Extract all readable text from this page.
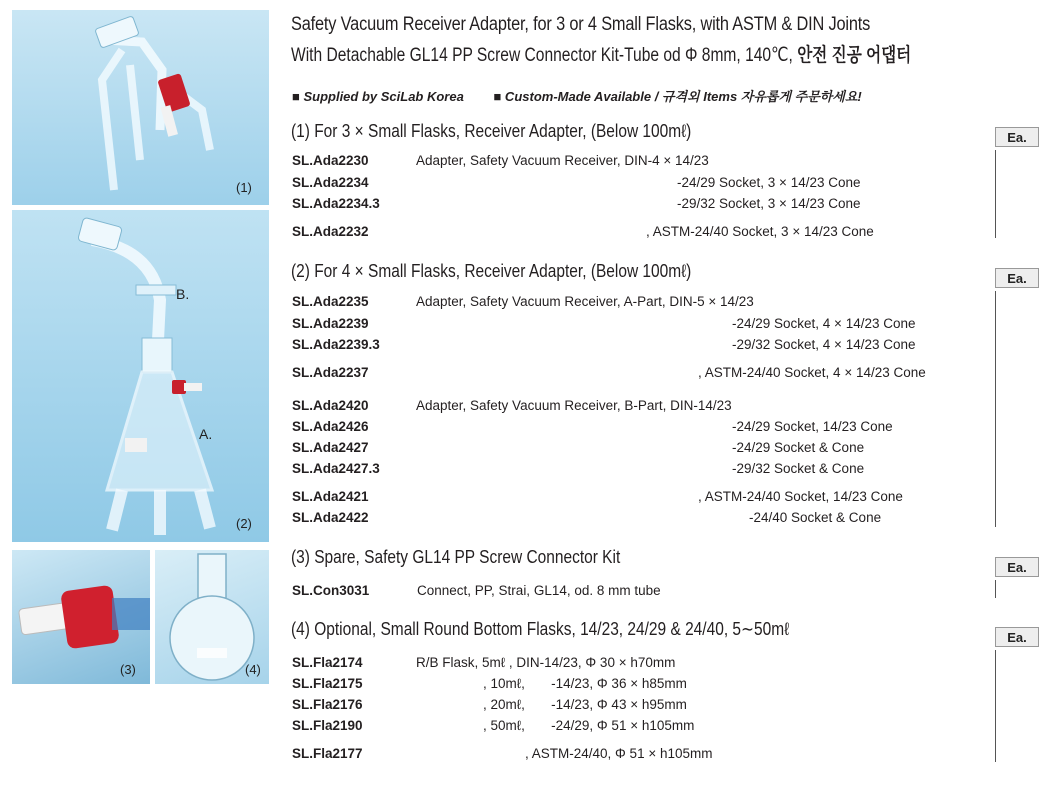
(1)
B.
A.
(2)
(3)	(4)
Safety Vacuum Receiver Adapter, for 3 or 4 Small Flasks, with ASTM & DIN Joints
With Detachable GL14 PP Screw Connector Kit-Tube od Φ 8mm, 140℃, 안전 진공 어댑터
■ Supplied by SciLab Korea ■ Custom-Made Available / 규격외 Items 자유롭게 주문하세요!
(1) For 3 × Small Flasks, Receiver Adapter, (Below 100mℓ)	Ea.
SL.Ada2230	Adapter, Safety Vacuum Receiver, DIN-4 × 14/23
SL.Ada2234	-24/29 Socket, 3 × 14/23 Cone
SL.Ada2234.3	-29/32 Socket, 3 × 14/23 Cone
SL.Ada2232	, ASTM-24/40 Socket, 3 × 14/23 Cone
(2) For 4 × Small Flasks, Receiver Adapter, (Below 100mℓ)	Ea.
SL.Ada2235	Adapter, Safety Vacuum Receiver, A-Part, DIN-5 × 14/23
SL.Ada2239	-24/29 Socket, 4 × 14/23 Cone
SL.Ada2239.3	-29/32 Socket, 4 × 14/23 Cone
SL.Ada2237	, ASTM-24/40 Socket, 4 × 14/23 Cone
SL.Ada2420	Adapter, Safety Vacuum Receiver, B-Part, DIN-14/23
SL.Ada2426	-24/29 Socket, 14/23 Cone
SL.Ada2427	-24/29 Socket & Cone
SL.Ada2427.3	-29/32 Socket & Cone
SL.Ada2421	, ASTM-24/40 Socket, 14/23 Cone
SL.Ada2422	-24/40 Socket & Cone
(3) Spare, Safety GL14 PP Screw Connector Kit
Ea.
SL.Con3031	Connect, PP, Strai, GL14, od. 8 mm tube
(4) Optional, Small Round Bottom Flasks, 14/23, 24/29 & 24/40, 5∼50mℓ	Ea.
SL.Fla2174	R/B Flask, 5mℓ , DIN-14/23, Φ 30 × h70mm
SL.Fla2175	, 10mℓ,       -14/23, Φ 36 × h85mm
SL.Fla2176	, 20mℓ,       -14/23, Φ 43 × h95mm
SL.Fla2190	, 50mℓ,       -24/29, Φ 51 × h105mm
SL.Fla2177	, ASTM-24/40, Φ 51 × h105mm
